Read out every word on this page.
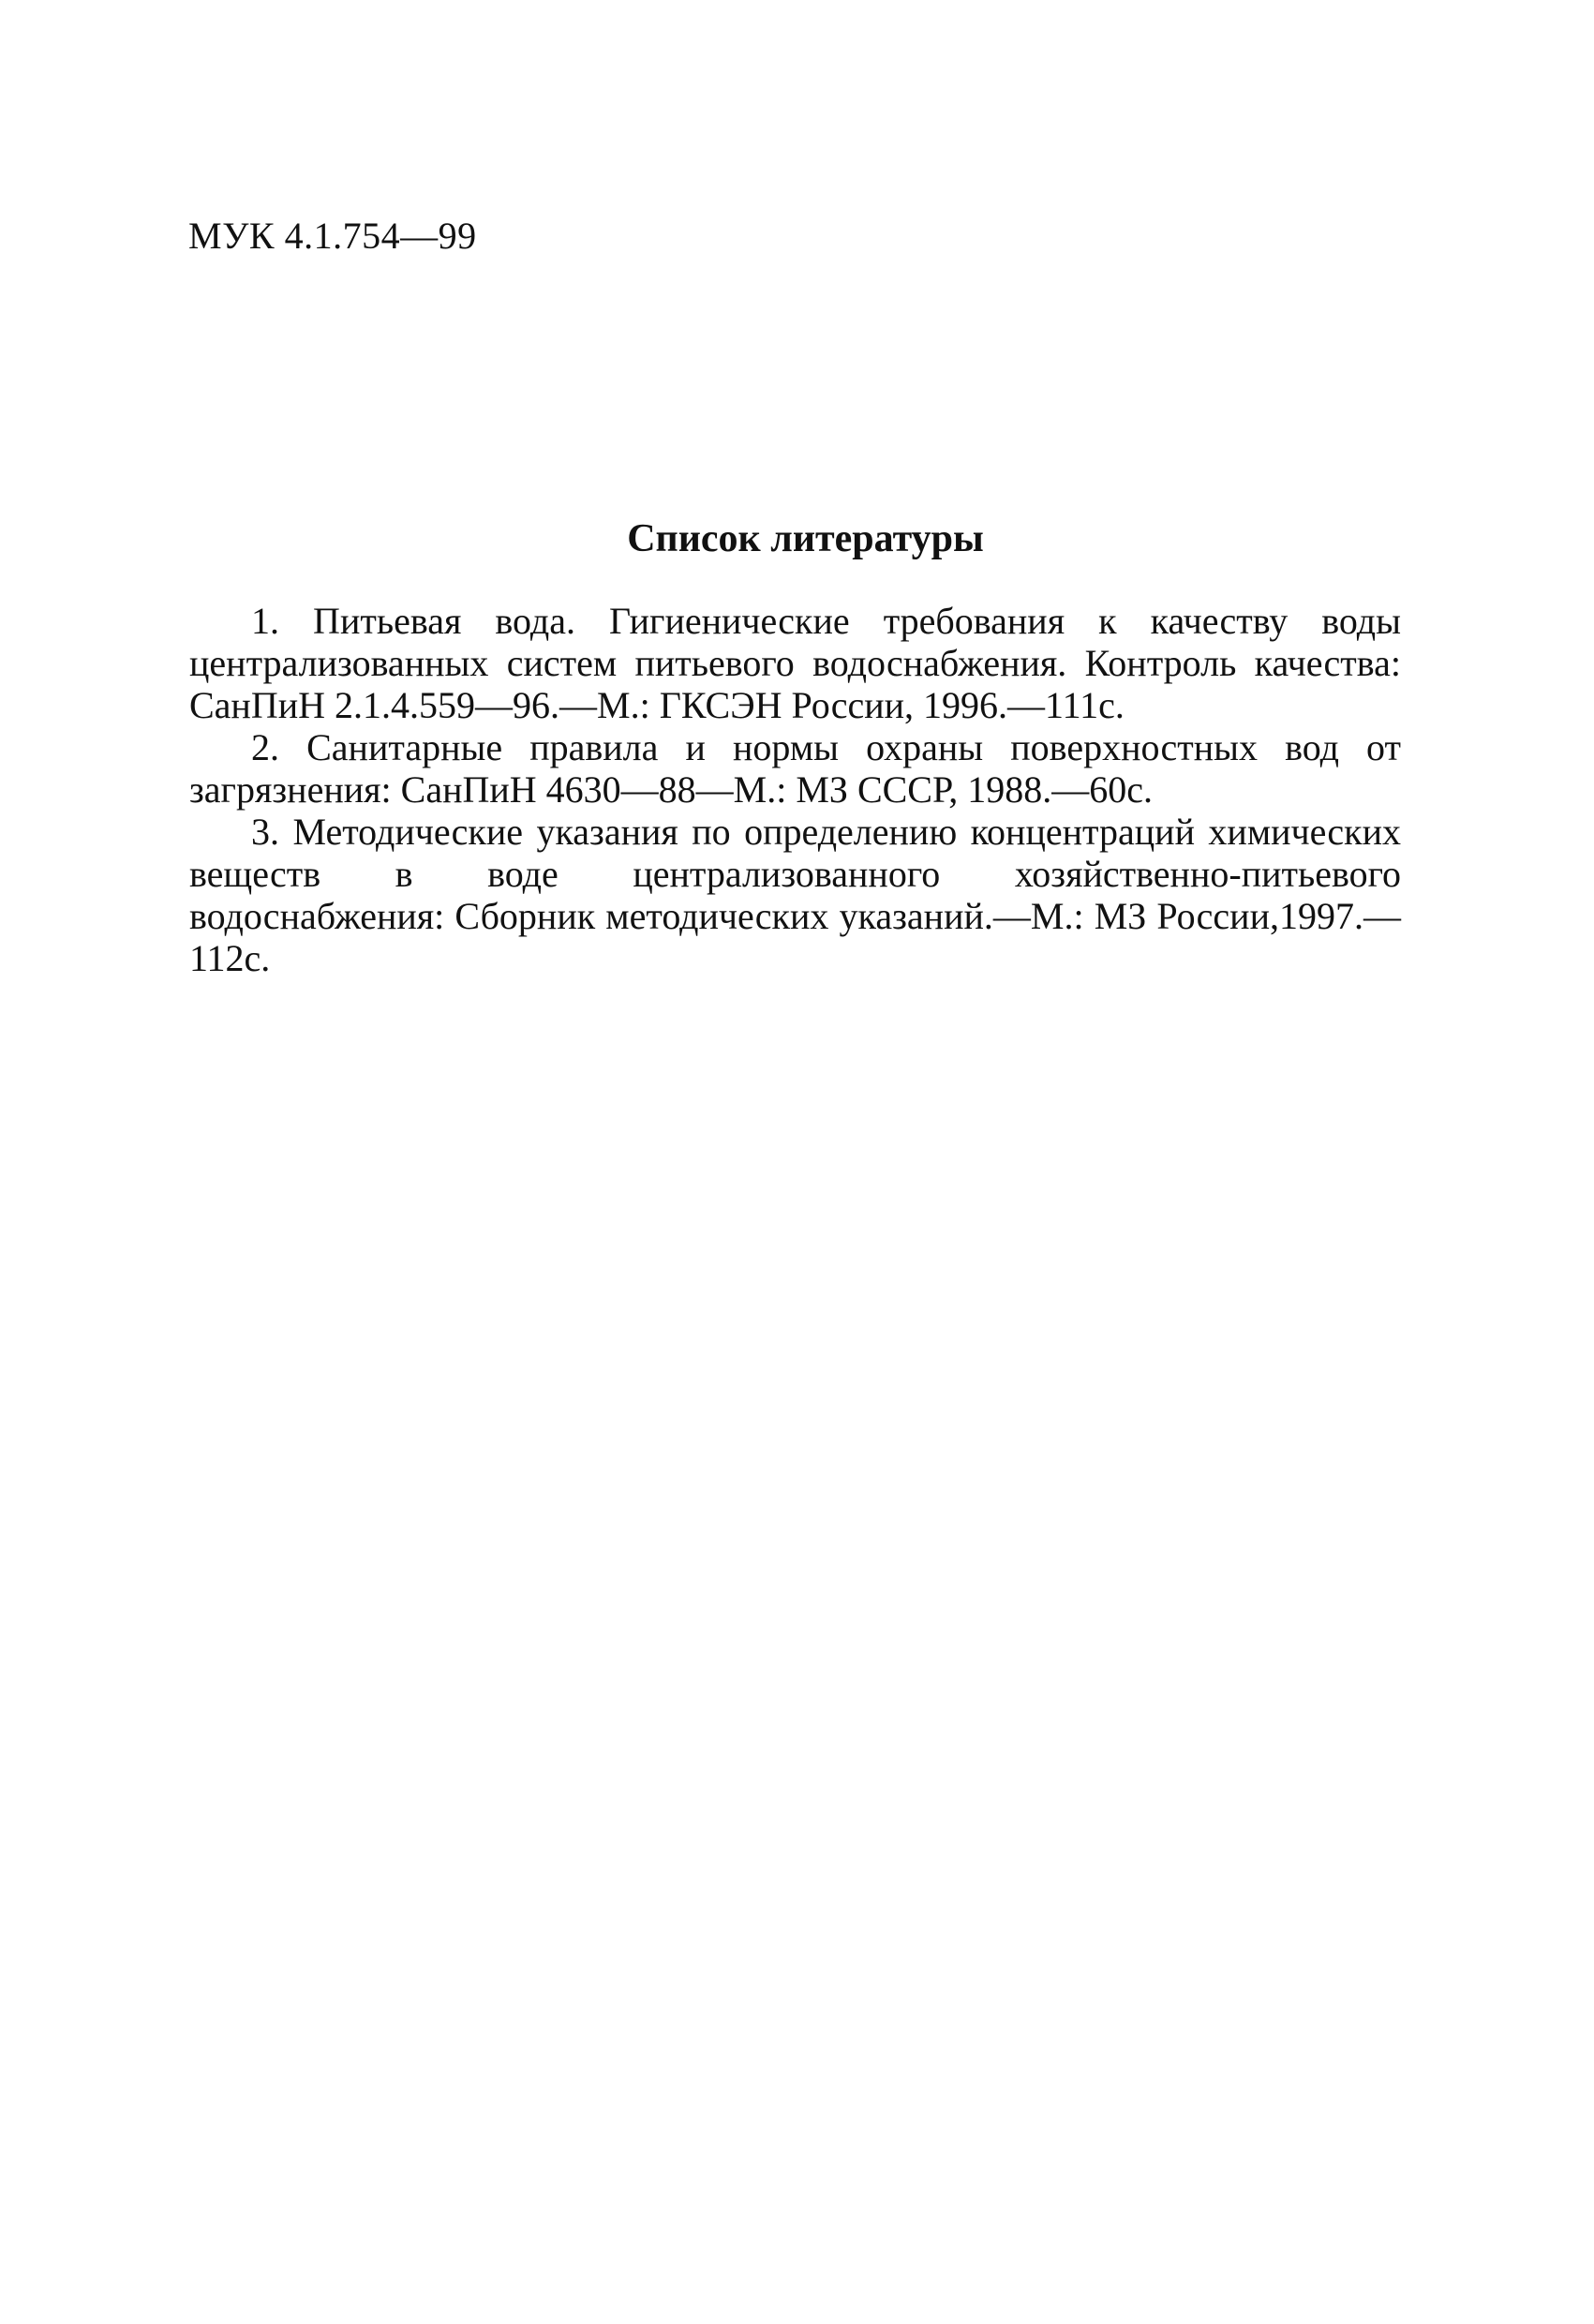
МУК 4.1.754—99
Список литературы

1. Питьевая вода. Гигиенические требования к качеству воды централизованных систем питьевого водоснабжения. Контроль качества: СанПиН 2.1.4.559—96.—М.: ГКСЭН России, 1996.—111с.

2. Санитарные правила и нормы охраны поверхностных вод от загрязнения: СанПиН 4630—88—М.: МЗ СССР, 1988.—60с.

3. Методические указания по определению концентраций химических веществ в воде централизованного хозяйственно-питьевого водоснабжения: Сборник методических указаний.—М.: МЗ России,1997.—112с.
